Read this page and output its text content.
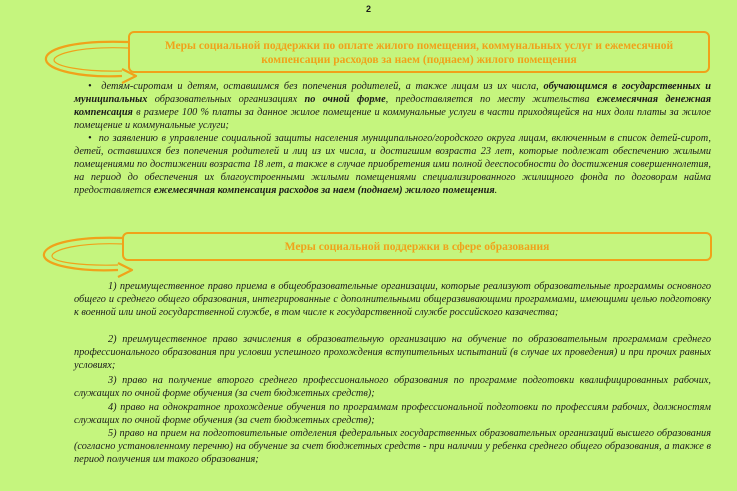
2
Меры социальной поддержки по оплате жилого помещения, коммунальных услуг и ежемесячной компенсации расходов за наем (поднаем) жилого помещения

•  детям-сиротам и детям, оставшимся без попечения родителей, а также лицам из их числа, обучающимся в государственных и муниципальных образовательных организациях по очной форме, предоставляется по месту жительства ежемесячная денежная компенсация в размере 100 % платы за данное жилое помещение и коммунальные услуги в части приходящейся на них доли платы за жилое помещение и коммунальные услуги;

•  по заявлению в управление социальной защиты населения муниципального/городского округа лицам, включенным в список детей-сирот, детей, оставшихся без попечения родителей и лиц из их числа, и достигшим возраста 23 лет, которые подлежат обеспечению жилыми помещениями по достижении возраста 18 лет, а также в случае приобретения ими полной дееспособности до достижения совершеннолетия, на период до обеспечения их благоустроенными жилыми помещениями специализированного жилищного фонда по договорам найма предоставляется ежемесячная компенсация расходов за наем (поднаем) жилого помещения.

Меры социальной поддержки в сфере образования

1) преимущественное право приема в общеобразовательные организации, которые реализуют образовательные программы основного общего и среднего общего образования, интегрированные с дополнительными общеразвивающими программами, имеющими целью подготовку к военной или иной государственной службе, в том числе к государственной службе российского казачества;

2) преимущественное право зачисления в образовательную организацию на обучение по образовательным программам среднего профессионального образования при условии успешного прохождения вступительных испытаний (в случае их проведения) и при прочих равных условиях;

3) право на получение второго среднего профессионального образования по программе подготовки квалифицированных рабочих, служащих по очной форме обучения (за счет бюджетных средств);

4) право на однократное прохождение обучения по программам профессиональной подготовки по профессиям рабочих, должностям служащих по очной форме обучения (за счет бюджетных средств);

5) право на прием на подготовительные отделения федеральных государственных образовательных организаций высшего образования (согласно установленному перечню) на обучение за счет бюджетных средств - при наличии у ребенка среднего общего образования, а также в период получения им такого образования;
